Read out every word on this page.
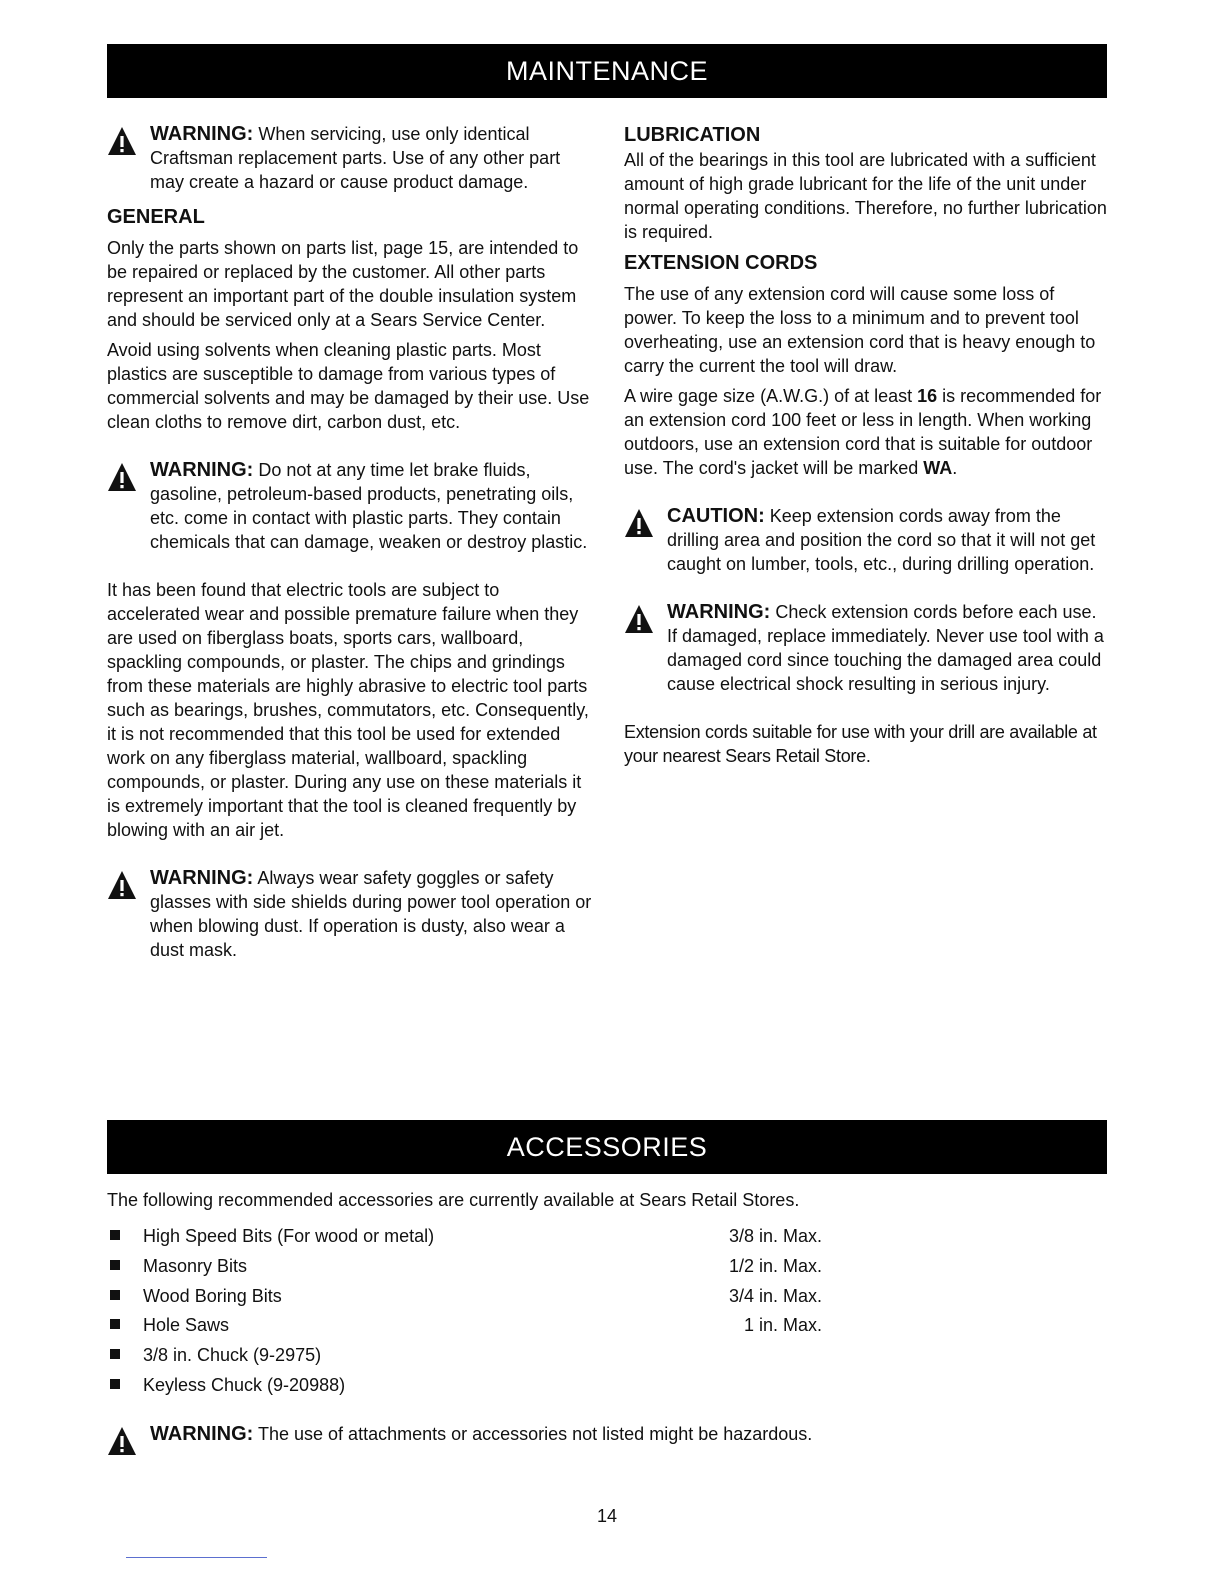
MAINTENANCE

WARNING: When servicing, use only identical Craftsman replacement parts. Use of any other part may create a hazard or cause product damage.

GENERAL

Only the parts shown on parts list, page 15, are intended to be repaired or replaced by the customer. All other parts represent an important part of the double insulation system and should be serviced only at a Sears Service Center.

Avoid using solvents when cleaning plastic parts. Most plastics are susceptible to damage from various types of commercial solvents and may be damaged by their use. Use clean cloths to remove dirt, carbon dust, etc.

WARNING: Do not at any time let brake fluids, gasoline, petroleum-based products, penetrating oils, etc. come in contact with plastic parts. They contain chemicals that can damage, weaken or destroy plastic.

It has been found that electric tools are subject to accelerated wear and possible premature failure when they are used on fiberglass boats, sports cars, wallboard, spackling compounds, or plaster. The chips and grindings from these materials are highly abrasive to electric tool parts such as bearings, brushes, commutators, etc. Consequently, it is not recommended that this tool be used for extended work on any fiberglass material, wallboard, spackling compounds, or plaster. During any use on these materials it is extremely important that the tool is cleaned frequently by blowing with an air jet.

WARNING: Always wear safety goggles or safety glasses with side shields during power tool operation or when blowing dust. If operation is dusty, also wear a dust mask.

LUBRICATION

All of the bearings in this tool are lubricated with a sufficient amount of high grade lubricant for the life of the unit under normal operating conditions. Therefore, no further lubrication is required.

EXTENSION CORDS

The use of any extension cord will cause some loss of power. To keep the loss to a minimum and to prevent tool overheating, use an extension cord that is heavy enough to carry the current the tool will draw.

A wire gage size (A.W.G.) of at least 16 is recommended for an extension cord 100 feet or less in length. When working outdoors, use an extension cord that is suitable for outdoor use. The cord's jacket will be marked WA.

CAUTION: Keep extension cords away from the drilling area and position the cord so that it will not get caught on lumber, tools, etc., during drilling operation.

WARNING: Check extension cords before each use. If damaged, replace immediately. Never use tool with a damaged cord since touching the damaged area could cause electrical shock resulting in serious injury.

Extension cords suitable for use with your drill are available at your nearest Sears Retail Store.

ACCESSORIES

The following recommended accessories are currently available at Sears Retail Stores.

High Speed Bits (For wood or metal)	3/8 in. Max.
Masonry Bits	1/2 in. Max.
Wood Boring Bits	3/4 in. Max.
Hole Saws	1 in. Max.
3/8 in. Chuck (9-2975)
Keyless Chuck (9-20988)

WARNING: The use of attachments or accessories not listed might be hazardous.

14
